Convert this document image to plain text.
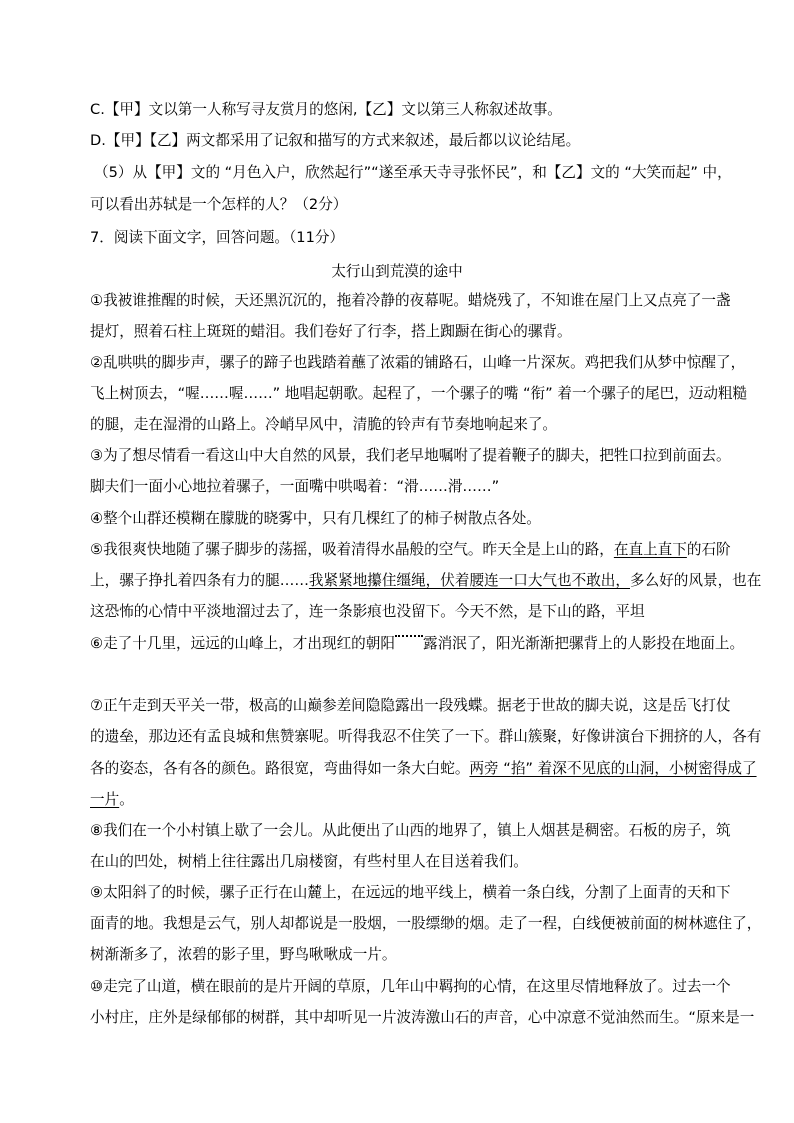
C.【甲】文以第一人称写寻友赏月的悠闲,【乙】文以第三人称叙述故事。
D.【甲】【乙】两文都采用了记叙和描写的方式来叙述，最后都以议论结尾。
（5）从【甲】文的 “月色入户，欣然起行”“遂至承天寺寻张怀民”，和【乙】文的 “大笑而起” 中，
可以看出苏轼是一个怎样的人？（2分）
7．阅读下面文字，回答问题。（11分）
太行山到荒漠的途中
①我被谁推醒的时候，天还黑沉沉的，拖着冷静的夜幕呢。蜡烧残了，不知谁在屋门上又点亮了一盏
提灯，照着石柱上斑斑的蜡泪。我们卷好了行李，搭上踟蹰在街心的骡背。
②乱哄哄的脚步声，骡子的蹄子也践踏着蘸了浓霜的铺路石，山峰一片深灰。鸡把我们从梦中惊醒了，
飞上树顶去，“喔……喔……” 地唱起朝歌。起程了，一个骡子的嘴 “衔” 着一个骡子的尾巴，迈动粗糙
的腿，走在湿滑的山路上。冷峭早风中，清脆的铃声有节奏地响起来了。
③为了想尽情看一看这山中大自然的风景，我们老早地嘱咐了提着鞭子的脚夫，把牲口拉到前面去。
脚夫们一面小心地拉着骡子，一面嘴中哄喝着：“滑……滑……”
④整个山群还模糊在朦胧的晓雾中，只有几棵红了的柿子树散点各处。
⑤我很爽快地随了骡子脚步的荡摇，吸着清得水晶般的空气。昨天全是上山的路，在直上直下的石阶
上，骡子挣扎着四条有力的腿……我紧紧地攥住缰绳，伏着腰连一口大气也不敢出，多么好的风景，也在
这恐怖的心情中平淡地溜过去了，连一条影痕也没留下。今天不然，是下山的路，平坦
⑥走了十几里，远远的山峰上，才出现红的朝阳 露消泯了，阳光渐渐把骡背上的人影投在地面上。
⑦正午走到天平关一带，极高的山巅参差间隐隐露出一段残蝶。据老于世故的脚夫说，这是岳飞打仗
的遗垒，那边还有孟良城和焦赞寨呢。听得我忍不住笑了一下。群山簇聚，好像讲演台下拥挤的人，各有
各的姿态，各有各的颜色。路很宽，弯曲得如一条大白蛇。两旁 “掐” 着深不见底的山洞，小树密得成了
一片。
⑧我们在一个小村镇上歇了一会儿。从此便出了山西的地界了，镇上人烟甚是稠密。石板的房子，筑
在山的凹处，树梢上往往露出几扇楼窗，有些村里人在目送着我们。
⑨太阳斜了的时候，骡子正行在山麓上，在远远的地平线上，横着一条白线，分割了上面青的天和下
面青的地。我想是云气，别人却都说是一股烟，一股缥缈的烟。走了一程，白线便被前面的树林遮住了，
树渐渐多了，浓碧的影子里，野鸟啾啾成一片。
⑩走完了山道，横在眼前的是片开阔的草原，几年山中羁拘的心情，在这里尽情地释放了。过去一个
小村庄，庄外是绿郁郁的树群，其中却听见一片波涛激山石的声音，心中凉意不觉油然而生。“原来是一
